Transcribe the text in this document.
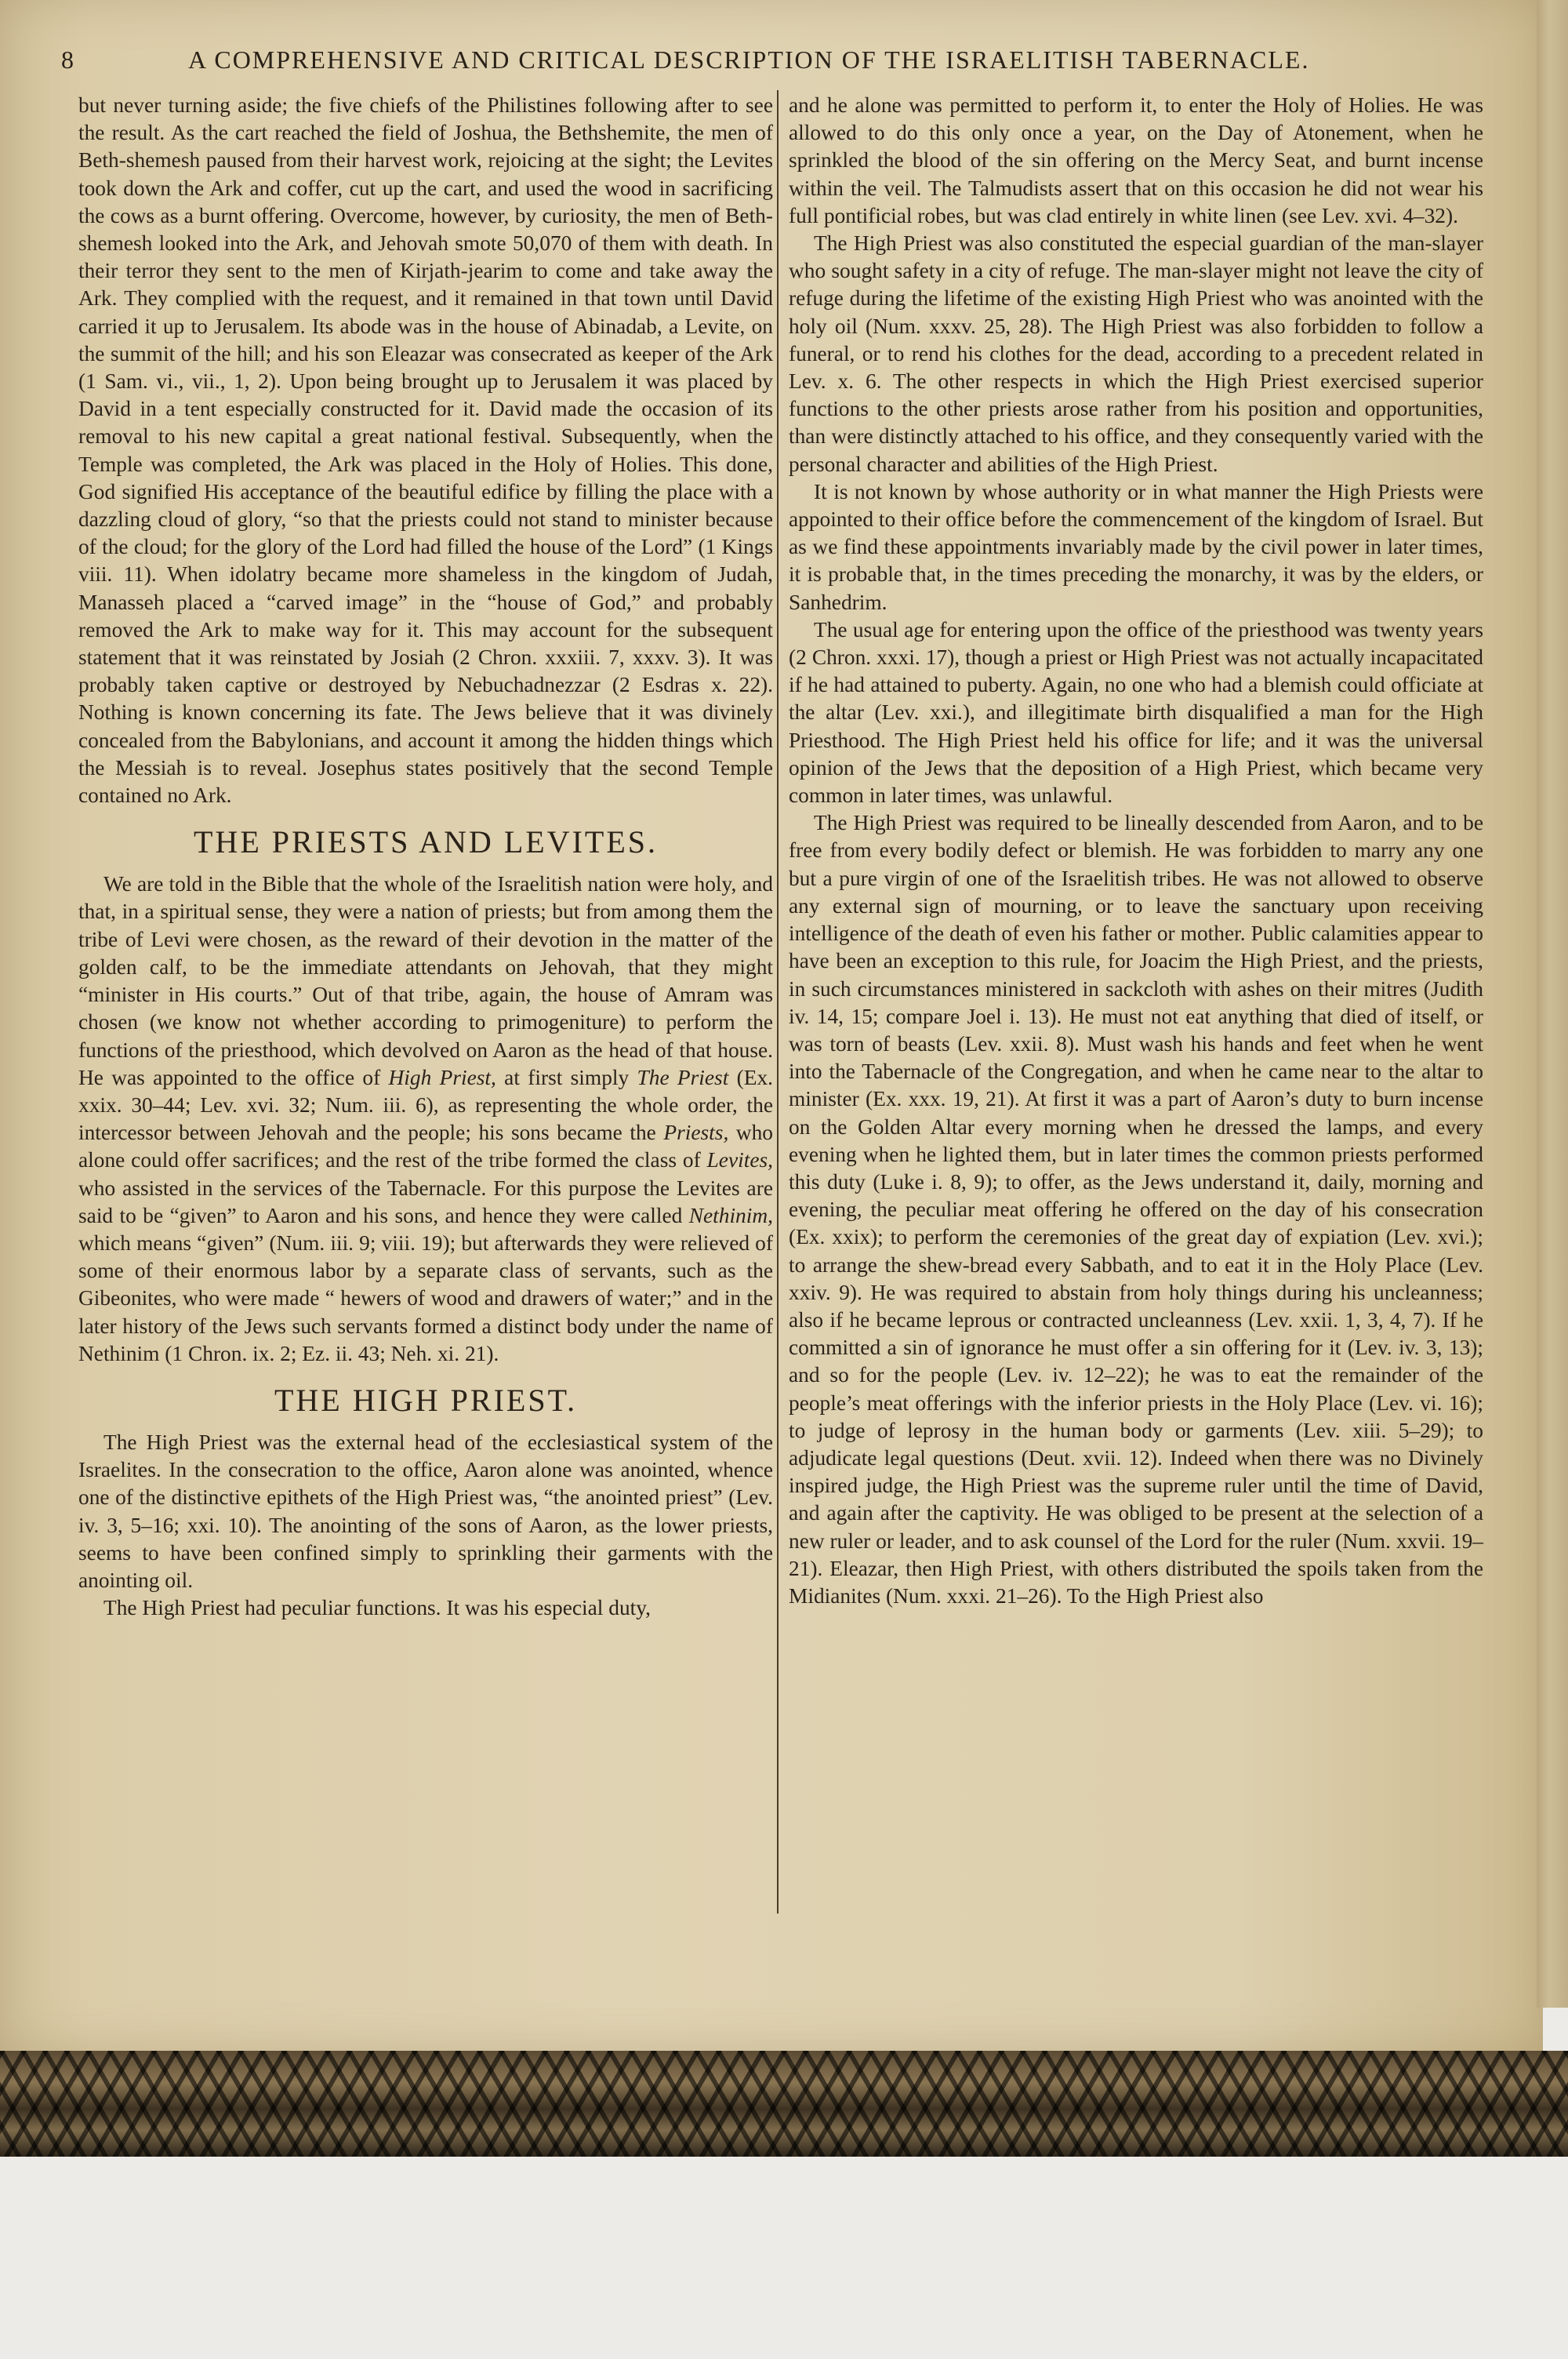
8	A COMPREHENSIVE AND CRITICAL DESCRIPTION OF THE ISRAELITISH TABERNACLE.

but never turning aside; the five chiefs of the Philistines following after to see the result. As the cart reached the field of Joshua, the Bethshemite, the men of Beth-shemesh paused from their harvest work, rejoicing at the sight; the Levites took down the Ark and coffer, cut up the cart, and used the wood in sacrificing the cows as a burnt offering. Overcome, however, by curiosity, the men of Beth-shemesh looked into the Ark, and Jehovah smote 50,070 of them with death. In their terror they sent to the men of Kirjath-jearim to come and take away the Ark. They complied with the request, and it remained in that town until David carried it up to Jerusalem. Its abode was in the house of Abinadab, a Levite, on the summit of the hill; and his son Eleazar was consecrated as keeper of the Ark (1 Sam. vi., vii., 1, 2). Upon being brought up to Jerusalem it was placed by David in a tent especially constructed for it. David made the occasion of its removal to his new capital a great national festival. Subsequently, when the Temple was completed, the Ark was placed in the Holy of Holies. This done, God signified His acceptance of the beautiful edifice by filling the place with a dazzling cloud of glory, “so that the priests could not stand to minister because of the cloud; for the glory of the Lord had filled the house of the Lord” (1 Kings viii. 11). When idolatry became more shameless in the kingdom of Judah, Manasseh placed a “carved image” in the “house of God,” and probably removed the Ark to make way for it. This may account for the subsequent statement that it was reinstated by Josiah (2 Chron. xxxiii. 7, xxxv. 3). It was probably taken captive or destroyed by Nebuchadnezzar (2 Esdras x. 22). Nothing is known concerning its fate. The Jews believe that it was divinely concealed from the Babylonians, and account it among the hidden things which the Messiah is to reveal. Josephus states positively that the second Temple contained no Ark.

THE PRIESTS AND LEVITES.

We are told in the Bible that the whole of the Israelitish nation were holy, and that, in a spiritual sense, they were a nation of priests; but from among them the tribe of Levi were chosen, as the reward of their devotion in the matter of the golden calf, to be the immediate attendants on Jehovah, that they might “minister in His courts.” Out of that tribe, again, the house of Amram was chosen (we know not whether according to primogeniture) to perform the functions of the priesthood, which devolved on Aaron as the head of that house. He was appointed to the office of High Priest, at first simply The Priest (Ex. xxix. 30–44; Lev. xvi. 32; Num. iii. 6), as representing the whole order, the intercessor between Jehovah and the people; his sons became the Priests, who alone could offer sacrifices; and the rest of the tribe formed the class of Levites, who assisted in the services of the Tabernacle. For this purpose the Levites are said to be “given” to Aaron and his sons, and hence they were called Nethinim, which means “given” (Num. iii. 9; viii. 19); but afterwards they were relieved of some of their enormous labor by a separate class of servants, such as the Gibeonites, who were made “ hewers of wood and drawers of water;” and in the later history of the Jews such servants formed a distinct body under the name of Nethinim (1 Chron. ix. 2; Ez. ii. 43; Neh. xi. 21).

THE HIGH PRIEST.

The High Priest was the external head of the ecclesiastical system of the Israelites. In the consecration to the office, Aaron alone was anointed, whence one of the distinctive epithets of the High Priest was, “the anointed priest” (Lev. iv. 3, 5–16; xxi. 10). The anointing of the sons of Aaron, as the lower priests, seems to have been confined simply to sprinkling their garments with the anointing oil.

The High Priest had peculiar functions. It was his especial duty,

and he alone was permitted to perform it, to enter the Holy of Holies. He was allowed to do this only once a year, on the Day of Atonement, when he sprinkled the blood of the sin offering on the Mercy Seat, and burnt incense within the veil. The Talmudists assert that on this occasion he did not wear his full pontificial robes, but was clad entirely in white linen (see Lev. xvi. 4–32).

The High Priest was also constituted the especial guardian of the man-slayer who sought safety in a city of refuge. The man-slayer might not leave the city of refuge during the lifetime of the existing High Priest who was anointed with the holy oil (Num. xxxv. 25, 28). The High Priest was also forbidden to follow a funeral, or to rend his clothes for the dead, according to a precedent related in Lev. x. 6. The other respects in which the High Priest exercised superior functions to the other priests arose rather from his position and opportunities, than were distinctly attached to his office, and they consequently varied with the personal character and abilities of the High Priest.

It is not known by whose authority or in what manner the High Priests were appointed to their office before the commencement of the kingdom of Israel. But as we find these appointments invariably made by the civil power in later times, it is probable that, in the times preceding the monarchy, it was by the elders, or Sanhedrim.

The usual age for entering upon the office of the priesthood was twenty years (2 Chron. xxxi. 17), though a priest or High Priest was not actually incapacitated if he had attained to puberty. Again, no one who had a blemish could officiate at the altar (Lev. xxi.), and illegitimate birth disqualified a man for the High Priesthood. The High Priest held his office for life; and it was the universal opinion of the Jews that the deposition of a High Priest, which became very common in later times, was unlawful.

The High Priest was required to be lineally descended from Aaron, and to be free from every bodily defect or blemish. He was forbidden to marry any one but a pure virgin of one of the Israelitish tribes. He was not allowed to observe any external sign of mourning, or to leave the sanctuary upon receiving intelligence of the death of even his father or mother. Public calamities appear to have been an exception to this rule, for Joacim the High Priest, and the priests, in such circumstances ministered in sackcloth with ashes on their mitres (Judith iv. 14, 15; compare Joel i. 13). He must not eat anything that died of itself, or was torn of beasts (Lev. xxii. 8). Must wash his hands and feet when he went into the Tabernacle of the Congregation, and when he came near to the altar to minister (Ex. xxx. 19, 21). At first it was a part of Aaron’s duty to burn incense on the Golden Altar every morning when he dressed the lamps, and every evening when he lighted them, but in later times the common priests performed this duty (Luke i. 8, 9); to offer, as the Jews understand it, daily, morning and evening, the peculiar meat offering he offered on the day of his consecration (Ex. xxix); to perform the ceremonies of the great day of expiation (Lev. xvi.); to arrange the shew-bread every Sabbath, and to eat it in the Holy Place (Lev. xxiv. 9). He was required to abstain from holy things during his uncleanness; also if he became leprous or contracted uncleanness (Lev. xxii. 1, 3, 4, 7). If he committed a sin of ignorance he must offer a sin offering for it (Lev. iv. 3, 13); and so for the people (Lev. iv. 12–22); he was to eat the remainder of the people’s meat offerings with the inferior priests in the Holy Place (Lev. vi. 16); to judge of leprosy in the human body or garments (Lev. xiii. 5–29); to adjudicate legal questions (Deut. xvii. 12). Indeed when there was no Divinely inspired judge, the High Priest was the supreme ruler until the time of David, and again after the captivity. He was obliged to be present at the selection of a new ruler or leader, and to ask counsel of the Lord for the ruler (Num. xxvii. 19–21). Eleazar, then High Priest, with others distributed the spoils taken from the Midianites (Num. xxxi. 21–26). To the High Priest also
